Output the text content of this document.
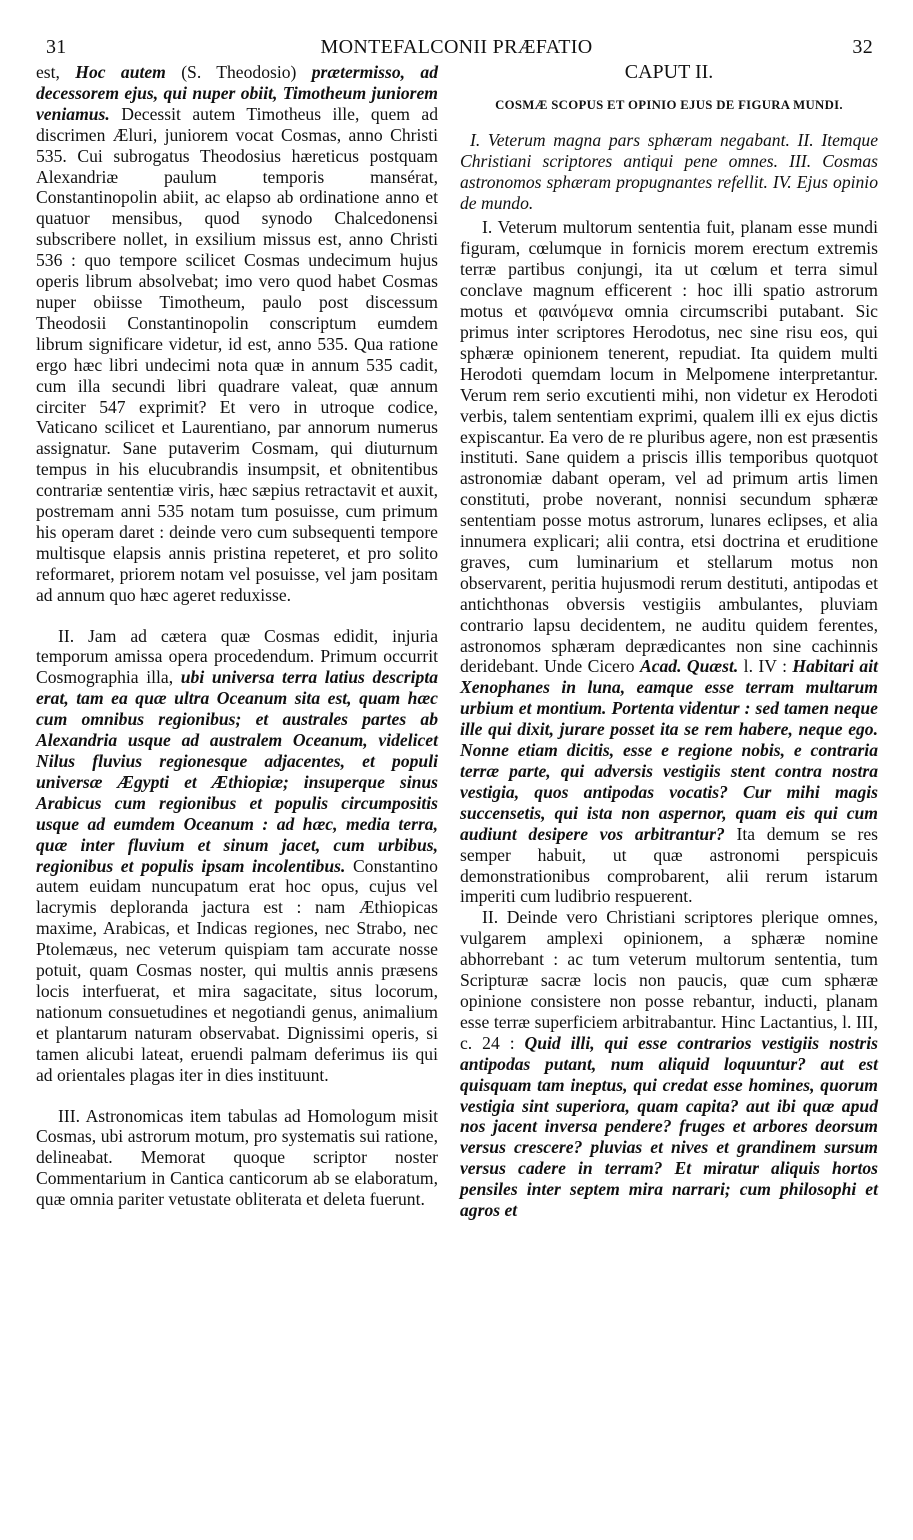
31	MONTEFALCONII PRÆFATIO	32

est, Hoc autem (S. Theodosio) prætermisso, ad decessorem ejus, qui nuper obiit, Timotheum juniorem veniamus. Decessit autem Timotheus ille, quem ad discrimen Æluri, juniorem vocat Cosmas, anno Christi 535. Cui subrogatus Theodosius hæreticus postquam Alexandriæ paulum temporis mansérat, Constantinopolin abiit, ac elapso ab ordinatione anno et quatuor mensibus, quod synodo Chalcedonensi subscribere nollet, in exsilium missus est, anno Christi 536 : quo tempore scilicet Cosmas undecimum hujus operis librum absolvebat; imo vero quod habet Cosmas nuper obiisse Timotheum, paulo post discessum Theodosii Constantinopolin conscriptum eumdem librum significare videtur, id est, anno 535. Qua ratione ergo hæc libri undecimi nota quæ in annum 535 cadit, cum illa secundi libri quadrare valeat, quæ annum circiter 547 exprimit? Et vero in utroque codice, Vaticano scilicet et Laurentiano, par annorum numerus assignatur. Sane putaverim Cosmam, qui diuturnum tempus in his elucubrandis insumpsit, et obnitentibus contrariæ sententiæ viris, hæc sæpius retractavit et auxit, postremam anni 535 notam tum posuisse, cum primum his operam daret : deinde vero cum subsequenti tempore multisque elapsis annis pristina repeteret, et pro solito reformaret, priorem notam vel posuisse, vel jam positam ad annum quo hæc ageret reduxisse.

II. Jam ad cætera quæ Cosmas edidit, injuria temporum amissa opera procedendum. Primum occurrit Cosmographia illa, ubi universa terra latius descripta erat, tam ea quæ ultra Oceanum sita est, quam hæc cum omnibus regionibus; et australes partes ab Alexandria usque ad australem Oceanum, videlicet Nilus fluvius regionesque adjacentes, et populi universæ Ægypti et Æthiopiæ; insuperque sinus Arabicus cum regionibus et populis circumpositis usque ad eumdem Oceanum : ad hæc, media terra, quæ inter fluvium et sinum jacet, cum urbibus, regionibus et populis ipsam incolentibus. Constantino autem euidam nuncupatum erat hoc opus, cujus vel lacrymis deploranda jactura est : nam Æthiopicas maxime, Arabicas, et Indicas regiones, nec Strabo, nec Ptolemæus, nec veterum quispiam tam accurate nosse potuit, quam Cosmas noster, qui multis annis præsens locis interfuerat, et mira sagacitate, situs locorum, nationum consuetudines et negotiandi genus, animalium et plantarum naturam observabat. Dignissimi operis, si tamen alicubi lateat, eruendi palmam deferimus iis qui ad orientales plagas iter in dies instituunt.

III. Astronomicas item tabulas ad Homologum misit Cosmas, ubi astrorum motum, pro systematis sui ratione, delineabat. Memorat quoque scriptor noster Commentarium in Cantica canticorum ab se elaboratum, quæ omnia pariter vetustate obliterata et deleta fuerunt.

CAPUT II.
COSMÆ SCOPUS ET OPINIO EJUS DE FIGURA MUNDI.

I. Veterum magna pars sphæram negabant. II. Itemque Christiani scriptores antiqui pene omnes. III. Cosmas astronomos sphæram propugnantes refellit. IV. Ejus opinio de mundo.

I. Veterum multorum sententia fuit, planam esse mundi figuram, cœlumque in fornicis morem erectum extremis terræ partibus conjungi, ita ut cœlum et terra simul conclave magnum efficerent : hoc illi spatio astrorum motus et φαινόμενα omnia circumscribi putabant. Sic primus inter scriptores Herodotus, nec sine risu eos, qui sphæræ opinionem tenerent, repudiat. Ita quidem multi Herodoti quemdam locum in Melpomene interpretantur. Verum rem serio excutienti mihi, non videtur ex Herodoti verbis, talem sententiam exprimi, qualem illi ex ejus dictis expiscantur. Ea vero de re pluribus agere, non est præsentis instituti. Sane quidem a priscis illis temporibus quotquot astronomiæ dabant operam, vel ad primum artis limen constituti, probe noverant, nonnisi secundum sphæræ sententiam posse motus astrorum, lunares eclipses, et alia innumera explicari; alii contra, etsi doctrina et eruditione graves, cum luminarium et stellarum motus non observarent, peritia hujusmodi rerum destituti, antipodas et antichthonas obversis vestigiis ambulantes, pluviam contrario lapsu decidentem, ne auditu quidem ferentes, astronomos sphæram deprædicantes non sine cachinnis deridebant. Unde Cicero Acad. Quæst. l. IV : Habitari ait Xenophanes in luna, eamque esse terram multarum urbium et montium. Portenta videntur : sed tamen neque ille qui dixit, jurare posset ita se rem habere, neque ego. Nonne etiam dicitis, esse e regione nobis, e contraria terræ parte, qui adversis vestigiis stent contra nostra vestigia, quos antipodas vocatis? Cur mihi magis succensetis, qui ista non aspernor, quam eis qui cum audiunt desipere vos arbitrantur? Ita demum se res semper habuit, ut quæ astronomi perspicuis demonstrationibus comprobarent, alii rerum istarum imperiti cum ludibrio respuerent.

II. Deinde vero Christiani scriptores plerique omnes, vulgarem amplexi opinionem, a sphæræ nomine abhorrebant : ac tum veterum multorum sententia, tum Scripturæ sacræ locis non paucis, quæ cum sphæræ opinione consistere non posse rebantur, inducti, planam esse terræ superficiem arbitrabantur. Hinc Lactantius, l. III, c. 24 : Quid illi, qui esse contrarios vestigiis nostris antipodas putant, num aliquid loquuntur? aut est quisquam tam ineptus, qui credat esse homines, quorum vestigia sint superiora, quam capita? aut ibi quæ apud nos jacent inversa pendere? fruges et arbores deorsum versus crescere? pluvias et nives et grandinem sursum versus cadere in terram? Et miratur aliquis hortos pensiles inter septem mira narrari; cum philosophi et agros et
